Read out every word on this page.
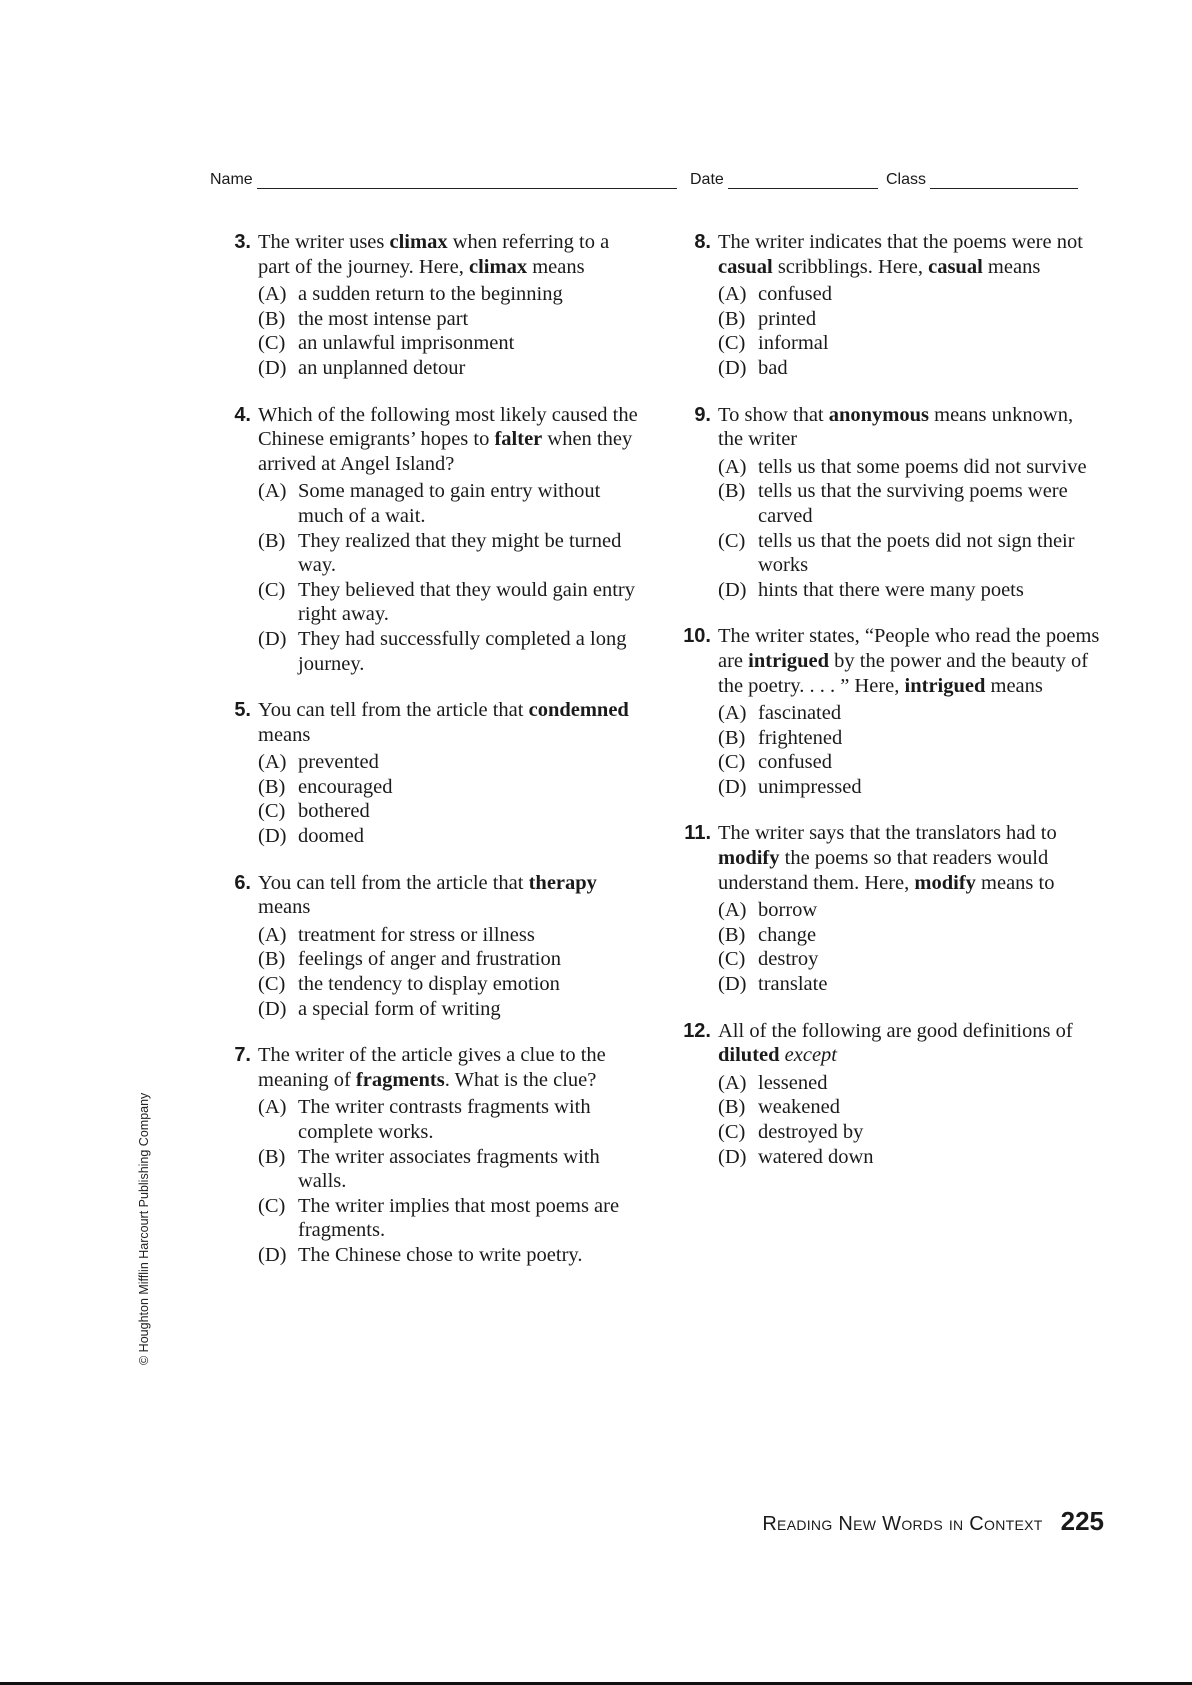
Name	Date	Class
3. The writer uses climax when referring to a part of the journey. Here, climax means
(A) a sudden return to the beginning
(B) the most intense part
(C) an unlawful imprisonment
(D) an unplanned detour
4. Which of the following most likely caused the Chinese emigrants’ hopes to falter when they arrived at Angel Island?
(A) Some managed to gain entry without much of a wait.
(B) They realized that they might be turned way.
(C) They believed that they would gain entry right away.
(D) They had successfully completed a long journey.
5. You can tell from the article that condemned means
(A) prevented
(B) encouraged
(C) bothered
(D) doomed
6. You can tell from the article that therapy means
(A) treatment for stress or illness
(B) feelings of anger and frustration
(C) the tendency to display emotion
(D) a special form of writing
7. The writer of the article gives a clue to the meaning of fragments. What is the clue?
(A) The writer contrasts fragments with complete works.
(B) The writer associates fragments with walls.
(C) The writer implies that most poems are fragments.
(D) The Chinese chose to write poetry.
8. The writer indicates that the poems were not casual scribblings. Here, casual means
(A) confused
(B) printed
(C) informal
(D) bad
9. To show that anonymous means unknown, the writer
(A) tells us that some poems did not survive
(B) tells us that the surviving poems were carved
(C) tells us that the poets did not sign their works
(D) hints that there were many poets
10. The writer states, “People who read the poems are intrigued by the power and the beauty of the poetry. . . . ” Here, intrigued means
(A) fascinated
(B) frightened
(C) confused
(D) unimpressed
11. The writer says that the translators had to modify the poems so that readers would understand them. Here, modify means to
(A) borrow
(B) change
(C) destroy
(D) translate
12. All of the following are good definitions of diluted except
(A) lessened
(B) weakened
(C) destroyed by
(D) watered down
© Houghton Mifflin Harcourt Publishing Company
Reading New Words in Context 225
